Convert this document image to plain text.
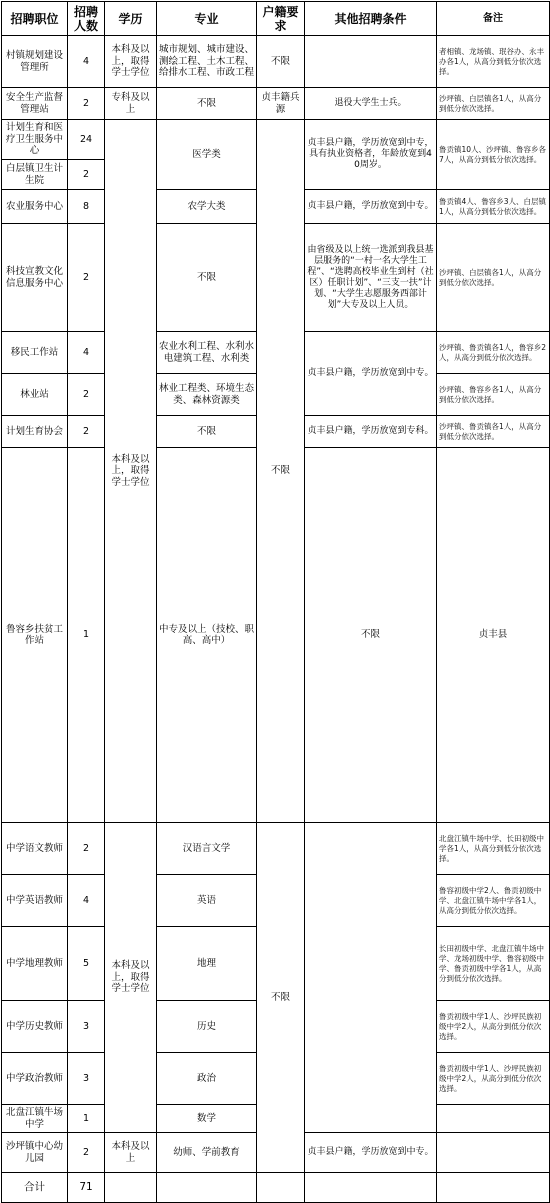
招聘职位	招聘人数	学历	专业	户籍要求	其他招聘条件	备注	
村镇规划建设管理所	4	本科及以上，取得学士学位	城市规划、城市建设、测绘工程、土木工程、给排水工程、市政工程	不限		者相镇、龙场镇、珉谷办、永丰办各1人，从高分到低分依次选择。	
安全生产监督管理站	2	专科及以上	不限	贞丰籍兵源	退役大学生士兵。	沙坪镇、白层镇各1人，从高分到低分依次选择。	
计划生育和医疗卫生服务中心	24	本科及以上，取得学士学位	医学类	不限	贞丰县户籍，学历放宽到中专，具有执业资格者，年龄放宽到40周岁。	鲁贡镇10人、沙坪镇、鲁容乡各7人，从高分到低分依次选择。	
白层镇卫生计生院	2						
农业服务中心	8		农学大类		贞丰县户籍，学历放宽到中专。	鲁贡镇4人、鲁容乡3人、白层镇1人，从高分到低分依次选择。	
科技宣教文化信息服务中心	2		不限		由省级及以上统一选派到我县基层服务的“一村一名大学生工程”、“选聘高校毕业生到村（社区）任职计划”、“三支一扶”计划、“大学生志愿服务西部计划”大专及以上人员。	沙坪镇、白层镇各1人，从高分到低分依次选择。	
移民工作站	4		农业水利工程、水利水电建筑工程、水利类		贞丰县户籍，学历放宽到中专。	沙坪镇、鲁贡镇各1人，鲁容乡2人，从高分到低分依次选择。	
林业站	2		林业工程类、环境生态类、森林资源类			沙坪镇、鲁容乡各1人，从高分到低分依次选择。	
计划生育协会	2		不限		贞丰县户籍，学历放宽到专科。	沙坪镇、鲁贡镇各1人，从高分到低分依次选择。	
鲁容乡扶贫工作站	1		中专及以上（技校、职高、高中）		不限	贞丰县		
中学语文教师	2	本科及以上，取得学士学位	汉语言文学	不限		北盘江镇牛场中学、长田初级中学各1人，从高分到低分依次选择。	
中学英语教师	4		英语			鲁容初级中学2人、鲁贡初级中学、北盘江镇牛场中学各1人，从高分到低分依次选择。	
中学地理教师	5		地理			长田初级中学、北盘江镇牛场中学、龙场初级中学、鲁容初级中学、鲁贡初级中学各1人，从高分到低分依次选择。	
中学历史教师	3		历史			鲁贡初级中学1人、沙坪民族初级中学2人，从高分到低分依次选择。	
中学政治教师	3		政治			鲁贡初级中学1人、沙坪民族初级中学2人，从高分到低分依次选择。	
北盘江镇牛场中学	1		数学				
沙坪镇中心幼儿园	2	本科及以上	幼师、学前教育		贞丰县户籍，学历放宽到中专。		
合计	71						
